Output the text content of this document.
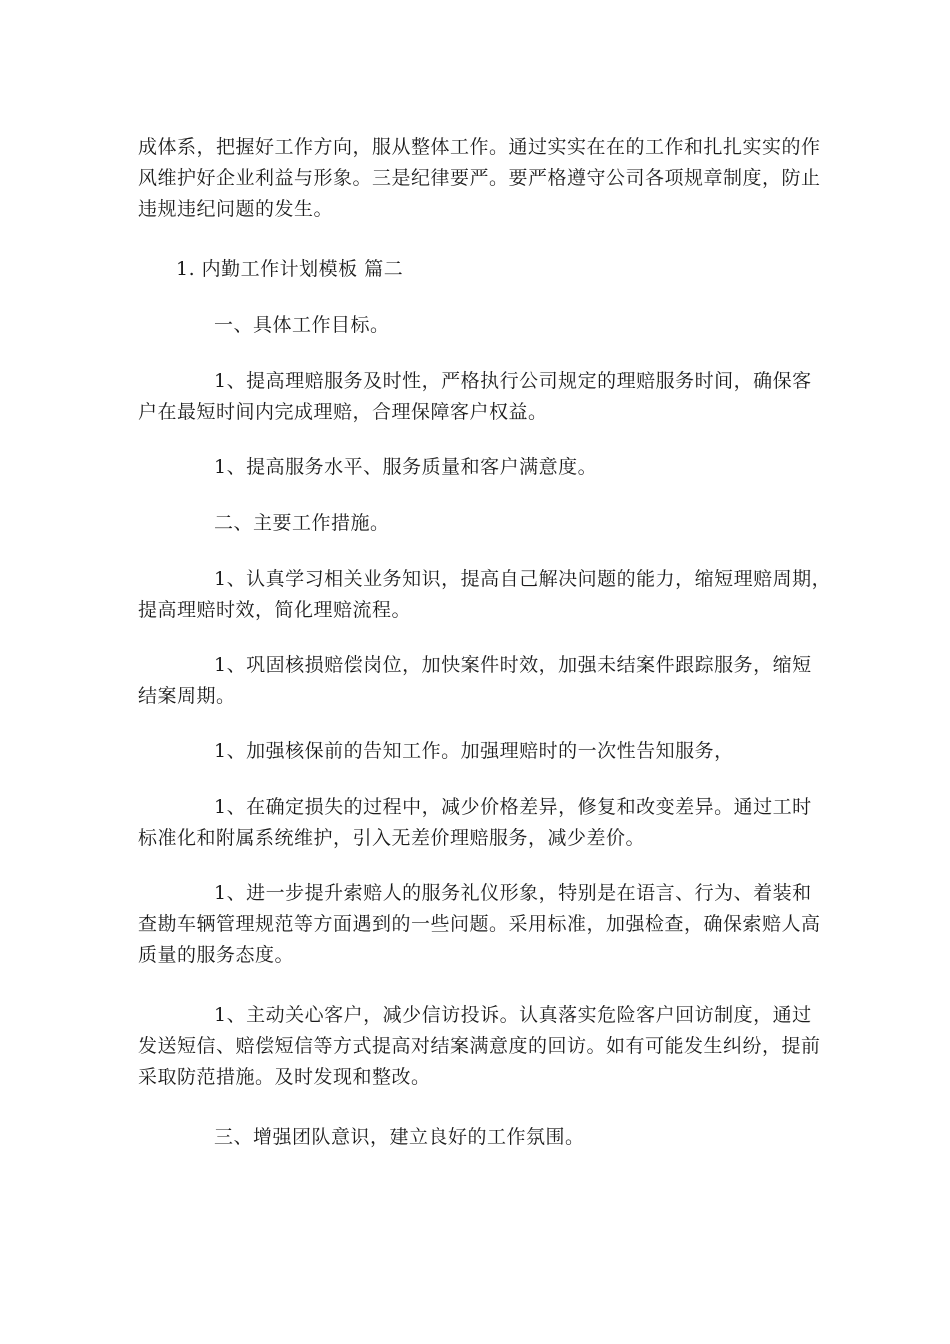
成体系，把握好工作方向，服从整体工作。通过实实在在的工作和扎扎实实的作
风维护好企业利益与形象。三是纪律要严。要严格遵守公司各项规章制度，防止
违规违纪问题的发生。

1. 内勤工作计划模板 篇二

一、具体工作目标。

1、提高理赔服务及时性，严格执行公司规定的理赔服务时间，确保客
户在最短时间内完成理赔，合理保障客户权益。

1、提高服务水平、服务质量和客户满意度。

二、主要工作措施。

1、认真学习相关业务知识，提高自己解决问题的能力，缩短理赔周期，
提高理赔时效，简化理赔流程。

1、巩固核损赔偿岗位，加快案件时效，加强未结案件跟踪服务，缩短
结案周期。

1、加强核保前的告知工作。加强理赔时的一次性告知服务，

1、在确定损失的过程中，减少价格差异，修复和改变差异。通过工时
标准化和附属系统维护，引入无差价理赔服务，减少差价。

1、进一步提升索赔人的服务礼仪形象，特别是在语言、行为、着装和
查勘车辆管理规范等方面遇到的一些问题。采用标准，加强检查，确保索赔人高
质量的服务态度。

1、主动关心客户，减少信访投诉。认真落实危险客户回访制度，通过
发送短信、赔偿短信等方式提高对结案满意度的回访。如有可能发生纠纷，提前
采取防范措施。及时发现和整改。

三、增强团队意识，建立良好的工作氛围。
